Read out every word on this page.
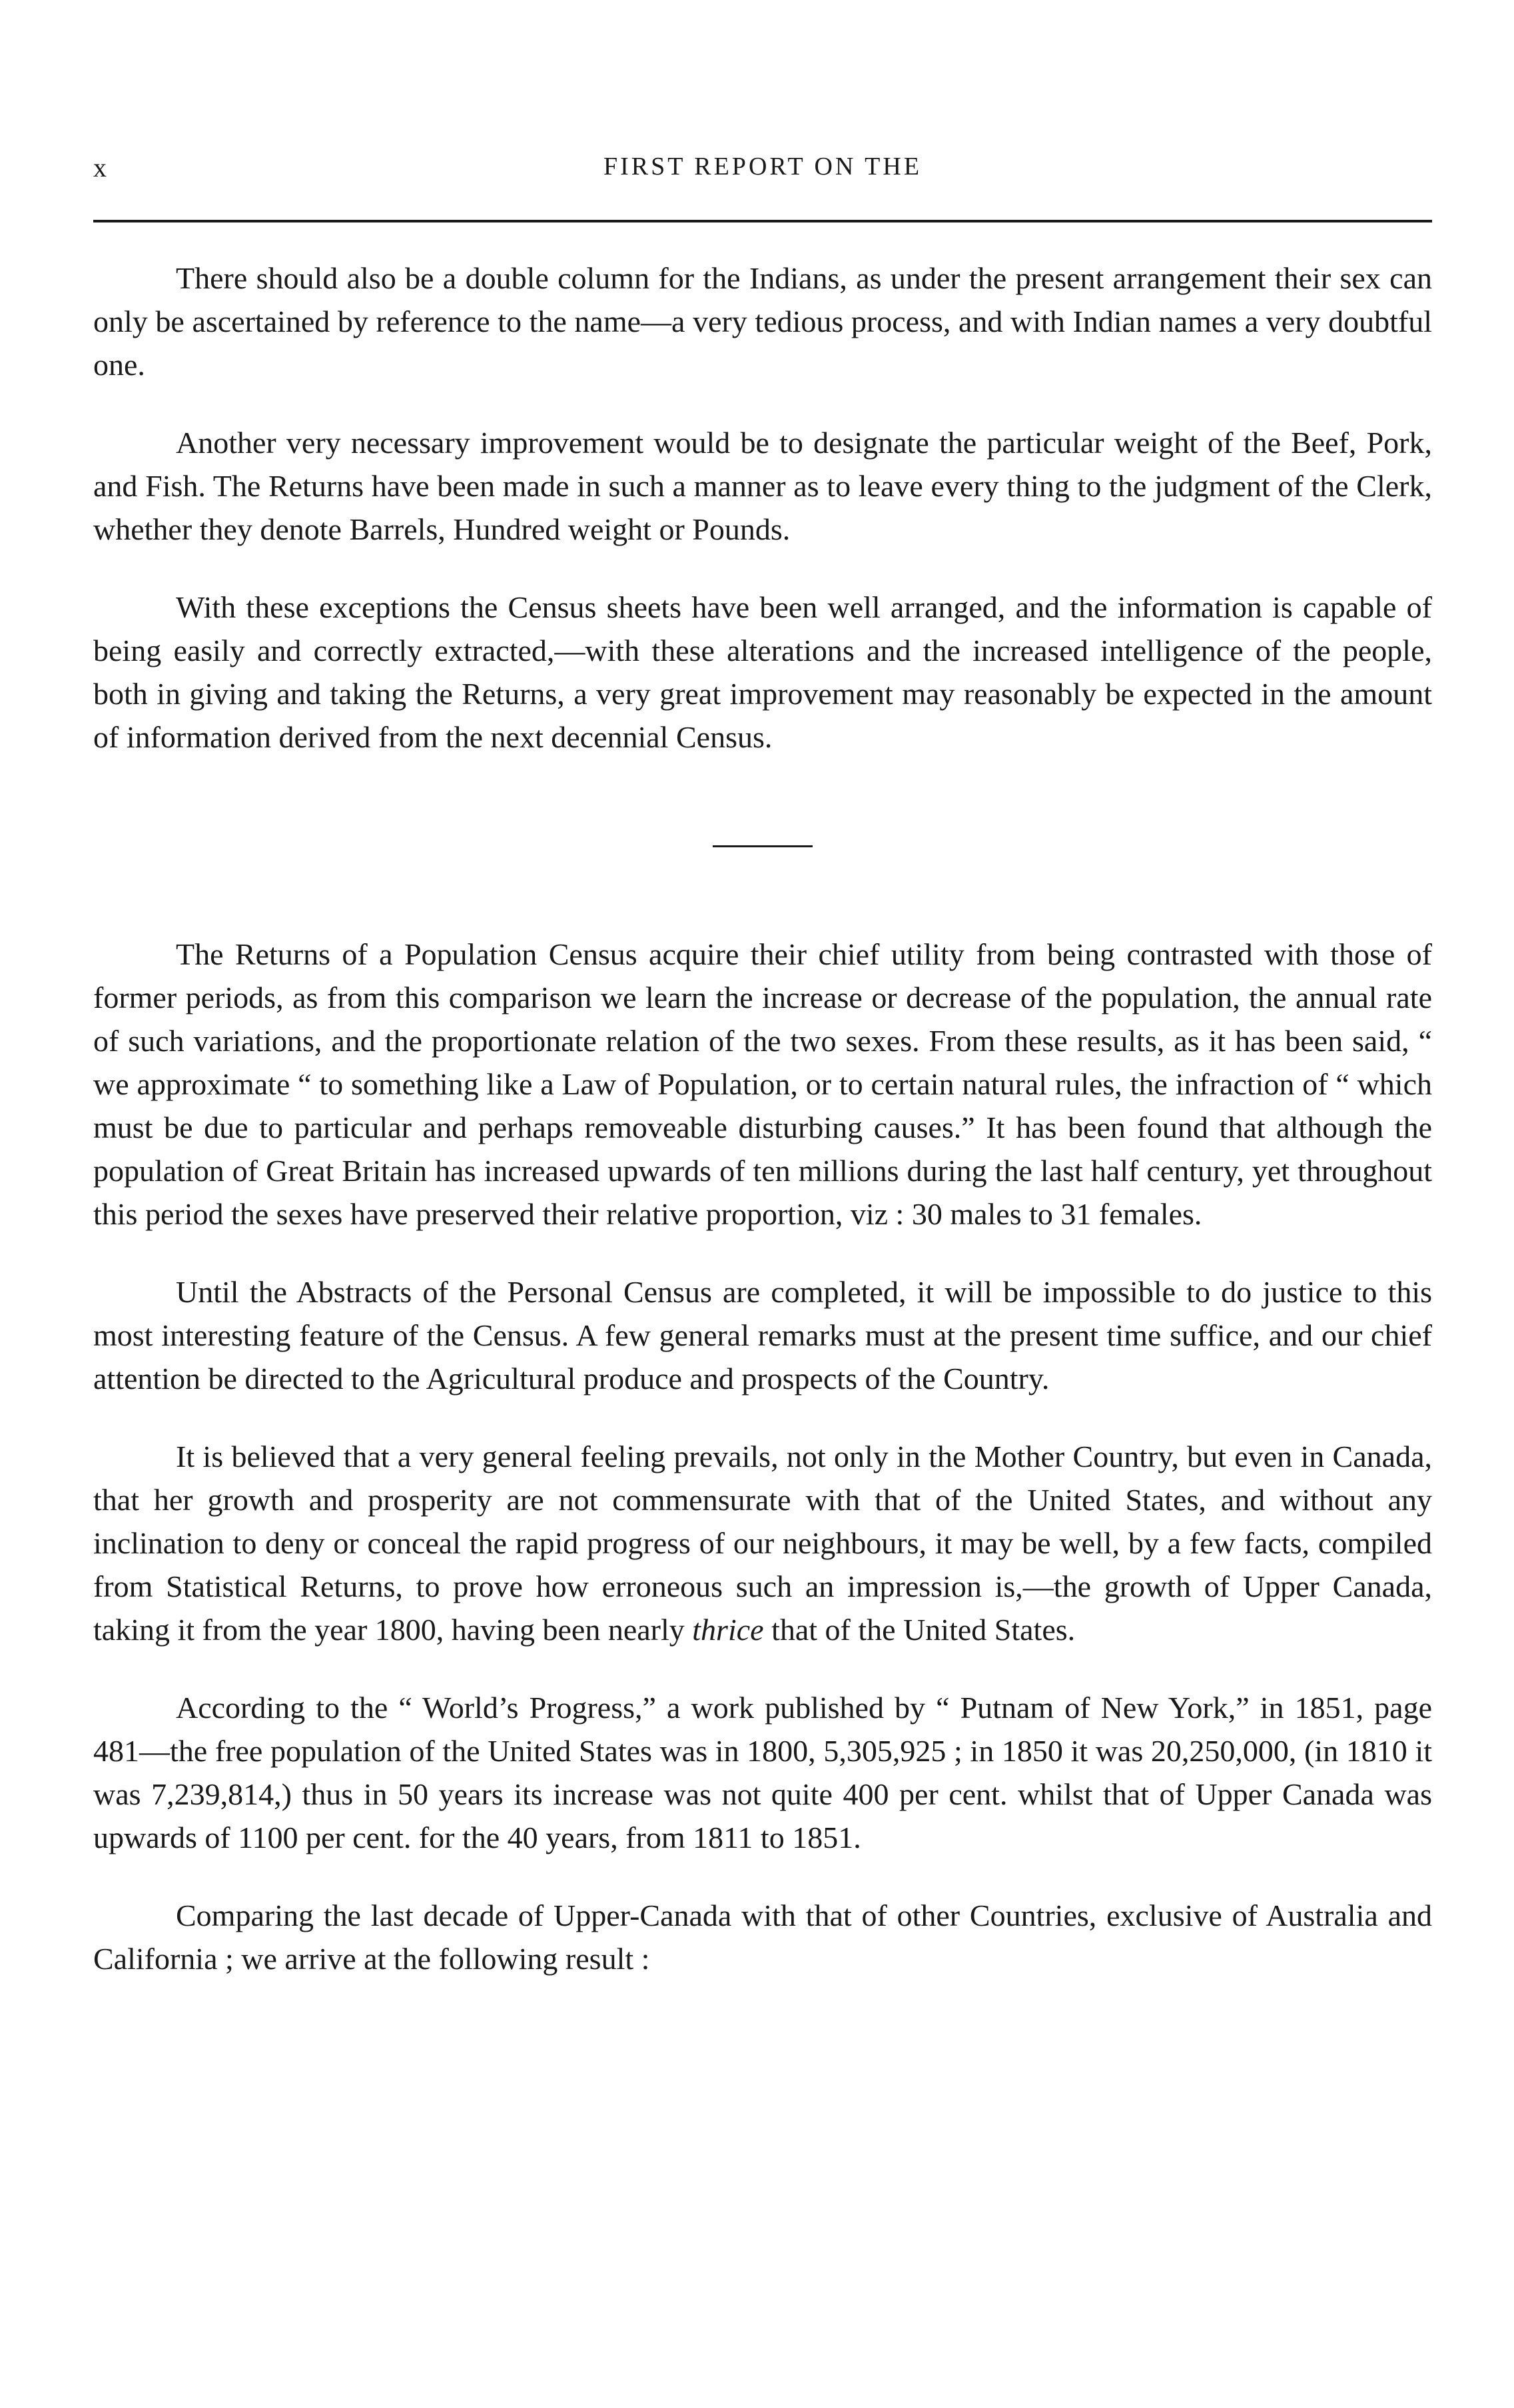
x	FIRST REPORT ON THE

There should also be a double column for the Indians, as under the present arrangement their sex can only be ascertained by reference to the name—a very tedious process, and with Indian names a very doubtful one.

Another very necessary improvement would be to designate the particular weight of the Beef, Pork, and Fish. The Returns have been made in such a manner as to leave every thing to the judgment of the Clerk, whether they denote Barrels, Hundred weight or Pounds.

With these exceptions the Census sheets have been well arranged, and the information is capable of being easily and correctly extracted,—with these alterations and the increased intelligence of the people, both in giving and taking the Returns, a very great improvement may reasonably be expected in the amount of information derived from the next decennial Census.

The Returns of a Population Census acquire their chief utility from being contrasted with those of former periods, as from this comparison we learn the increase or decrease of the population, the annual rate of such variations, and the proportionate relation of the two sexes. From these results, as it has been said, “ we approximate “ to something like a Law of Population, or to certain natural rules, the infraction of “ which must be due to particular and perhaps removeable disturbing causes.” It has been found that although the population of Great Britain has increased upwards of ten millions during the last half century, yet throughout this period the sexes have preserved their relative proportion, viz : 30 males to 31 females.

Until the Abstracts of the Personal Census are completed, it will be impossible to do justice to this most interesting feature of the Census. A few general remarks must at the present time suffice, and our chief attention be directed to the Agricultural produce and prospects of the Country.

It is believed that a very general feeling prevails, not only in the Mother Country, but even in Canada, that her growth and prosperity are not commensurate with that of the United States, and without any inclination to deny or conceal the rapid progress of our neighbours, it may be well, by a few facts, compiled from Statistical Returns, to prove how erroneous such an impression is,—the growth of Upper Canada, taking it from the year 1800, having been nearly thrice that of the United States.

According to the “ World’s Progress,” a work published by “ Putnam of New York,” in 1851, page 481—the free population of the United States was in 1800, 5,305,925 ; in 1850 it was 20,250,000, (in 1810 it was 7,239,814,) thus in 50 years its increase was not quite 400 per cent. whilst that of Upper Canada was upwards of 1100 per cent. for the 40 years, from 1811 to 1851.

Comparing the last decade of Upper-Canada with that of other Countries, exclusive of Australia and California ; we arrive at the following result :
